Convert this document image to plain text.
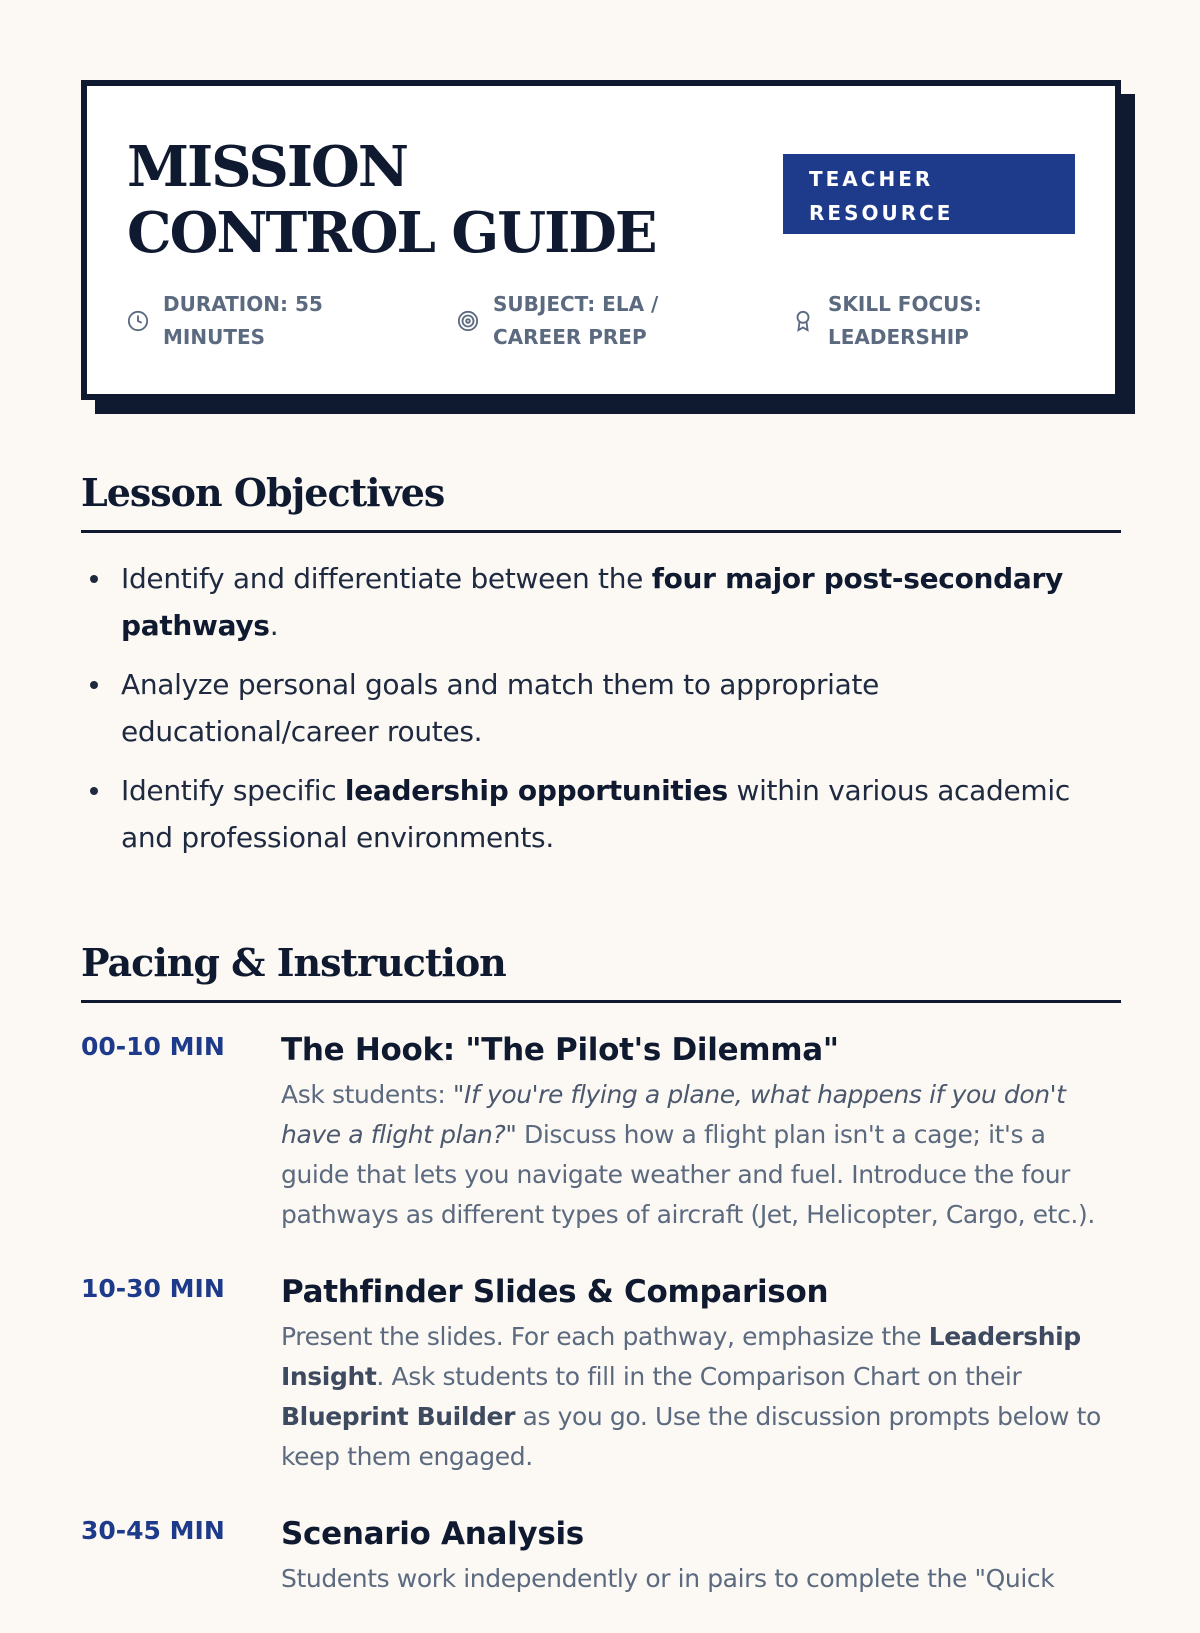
MISSION CONTROL GUIDE
TEACHER RESOURCE
DURATION: 55 MINUTES
SUBJECT: ELA / CAREER PREP
SKILL FOCUS: LEADERSHIP
Lesson Objectives
Identify and differentiate between the four major post-secondary pathways.
Analyze personal goals and match them to appropriate educational/career routes.
Identify specific leadership opportunities within various academic and professional environments.
Pacing & Instruction
00-10 MIN The Hook: "The Pilot's Dilemma"

Ask students: "If you're flying a plane, what happens if you don't have a flight plan?" Discuss how a flight plan isn't a cage; it's a guide that lets you navigate weather and fuel. Introduce the four pathways as different types of aircraft (Jet, Helicopter, Cargo, etc.).

10-30 MIN Pathfinder Slides & Comparison

Present the slides. For each pathway, emphasize the Leadership Insight. Ask students to fill in the Comparison Chart on their Blueprint Builder as you go. Use the discussion prompts below to keep them engaged.

30-45 MIN Scenario Analysis

Students work independently or in pairs to complete the "Quick
